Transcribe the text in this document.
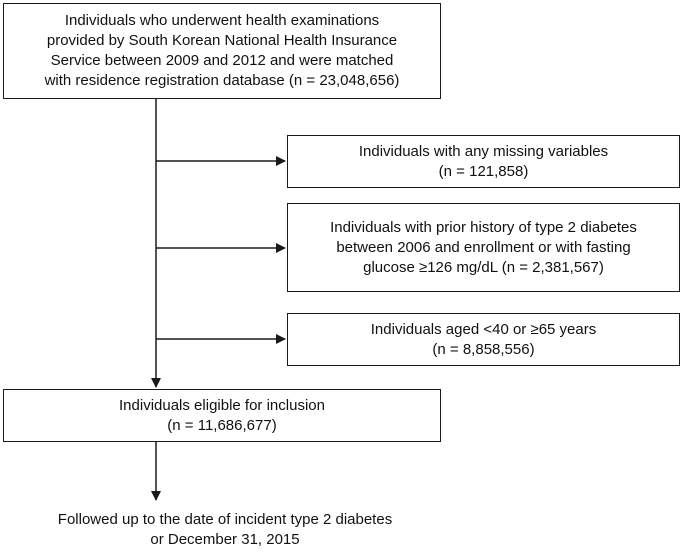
Individuals who underwent health examinations
provided by South Korean National Health Insurance
Service between 2009 and 2012 and were matched
with residence registration database (n = 23,048,656)
Individuals with any missing variables
(n = 121,858)
Individuals with prior history of type 2 diabetes
between 2006 and enrollment or with fasting
glucose ≥126 mg/dL (n = 2,381,567)
Individuals aged <40 or ≥65 years
(n = 8,858,556)
Individuals eligible for inclusion
(n = 11,686,677)
Followed up to the date of incident type 2 diabetes
or December 31, 2015
